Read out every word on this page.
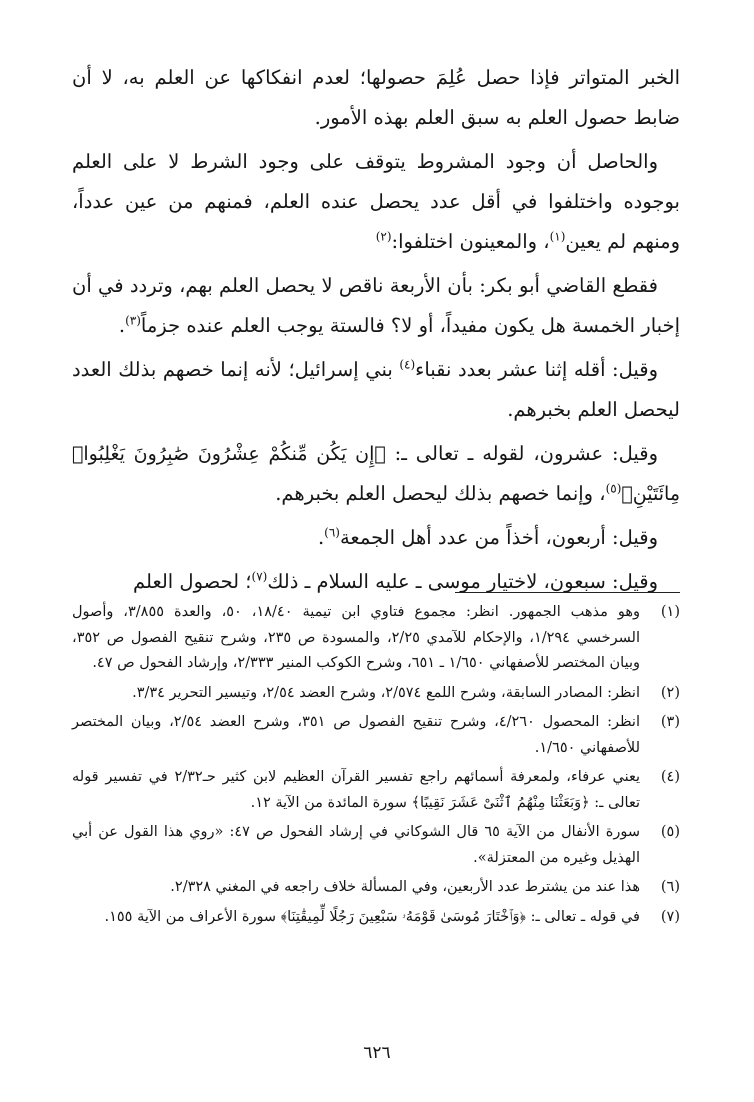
الخبر المتواتر فإذا حصل عُلِمَ حصولها؛ لعدم انفكاكها عن العلم به، لا أن ضابط حصول العلم به سبق العلم بهذه الأمور.

والحاصل أن وجود المشروط يتوقف على وجود الشرط لا على العلم بوجوده واختلفوا في أقل عدد يحصل عنده العلم، فمنهم من عين عدداً، ومنهم لم يعين$^{(١)}$، والمعينون اختلفوا:$^{(٢)}$

فقطع القاضي أبو بكر: بأن الأربعة ناقص لا يحصل العلم بهم، وتردد في أن إخبار الخمسة هل يكون مفيداً، أو لا؟ فالستة يوجب العلم عنده جزماً$^{(٣)}$.

وقيل: أقله إثنا عشر بعدد نقباء$^{(٤)}$ بني إسرائيل؛ لأنه إنما خصهم بذلك العدد ليحصل العلم بخبرهم.

وقيل: عشرون، لقوله ـ تعالى ـ: ﴿إِن يَكُن مِّنكُمْ عِشْرُونَ صَٰبِرُونَ يَغْلِبُوا۟ مِائَتَيْنِ﴾$^{(٥)}$، وإنما خصهم بذلك ليحصل العلم بخبرهم.

وقيل: أربعون، أخذاً من عدد أهل الجمعة$^{(٦)}$.

وقيل: سبعون، لاختيار موسى ـ عليه السلام ـ ذلك$^{(٧)}$؛ لحصول العلم

(١)
وهو مذهب الجمهور. انظر: مجموع فتاوي ابن تيمية ١٨/٤٠، ٥٠، والعدة ٣/٨٥٥، وأصول السرخسي ١/٢٩٤، والإحكام للآمدي ٢/٢٥، والمسودة ص ٢٣٥، وشرح تنقيح الفصول ص ٣٥٢، وبيان المختصر للأصفهاني ١/٦٥٠ ـ ٦٥١، وشرح الكوكب المنير ٢/٣٣٣، وإرشاد الفحول ص ٤٧.

(٢)
انظر: المصادر السابقة، وشرح اللمع ٢/٥٧٤، وشرح العضد ٢/٥٤، وتيسير التحرير ٣/٣٤.

(٣)
انظر: المحصول ٤/٢٦٠، وشرح تنقيح الفصول ص ٣٥١، وشرح العضد ٢/٥٤، وبيان المختصر للأصفهاني ١/٦٥٠.

(٤)
يعني عرفاء، ولمعرفة أسمائهم راجع تفسير القرآن العظيم لابن كثير حـ٢/٣٢ في تفسير قوله تعالى ـ: ﴿وَبَعَثْنَا مِنْهُمُ ٱثْنَىْ عَشَرَ نَقِيبًا﴾ سورة المائدة من الآية ١٢.

(٥)
سورة الأنفال من الآية ٦٥ قال الشوكاني في إرشاد الفحول ص ٤٧: «روي هذا القول عن أبي الهذيل وغيره من المعتزلة».

(٦)
هذا عند من يشترط عدد الأربعين، وفي المسألة خلاف راجعه في المغني ٢/٣٢٨.

(٧)
في قوله ـ تعالى ـ: ﴿وَٱخْتَارَ مُوسَىٰ قَوْمَهُۥ سَبْعِينَ رَجُلًا لِّمِيقَٰتِنَا﴾ سورة الأعراف من الآية ١٥٥.

٦٢٦
